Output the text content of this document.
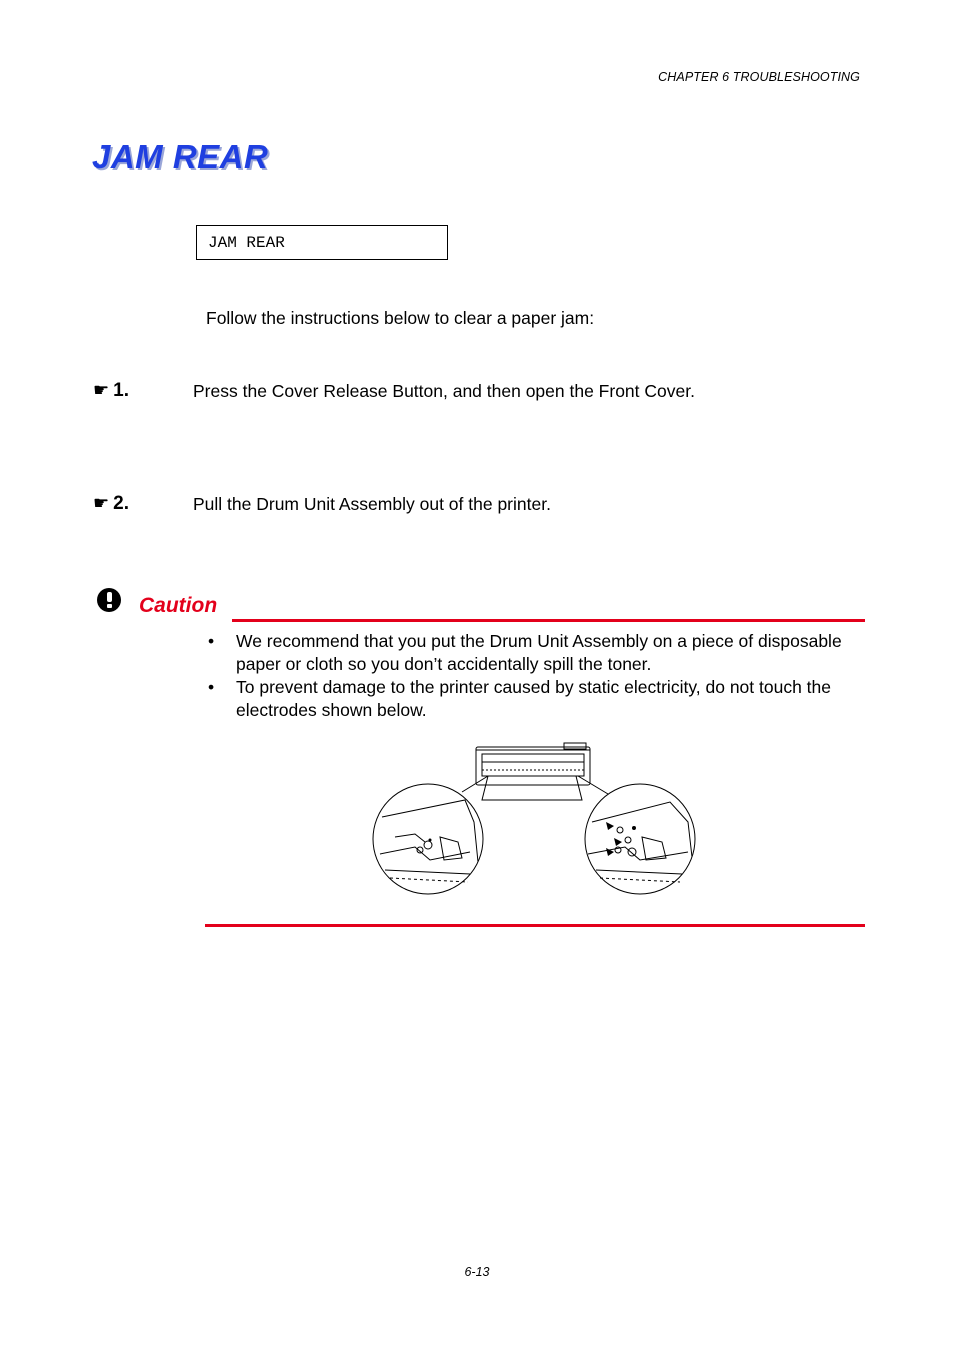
CHAPTER 6 TROUBLESHOOTING
JAM REAR
JAM REAR
Follow the instructions below to clear a paper jam:
☛ 1.	Press the Cover Release Button, and then open the Front Cover.
☛ 2.	Pull the Drum Unit Assembly out of the printer.
Caution
• We recommend that you put the Drum Unit Assembly on a piece of disposable paper or cloth so you don’t accidentally spill the toner.
• To prevent damage to the printer caused by static electricity, do not touch the electrodes shown below.
6-13
